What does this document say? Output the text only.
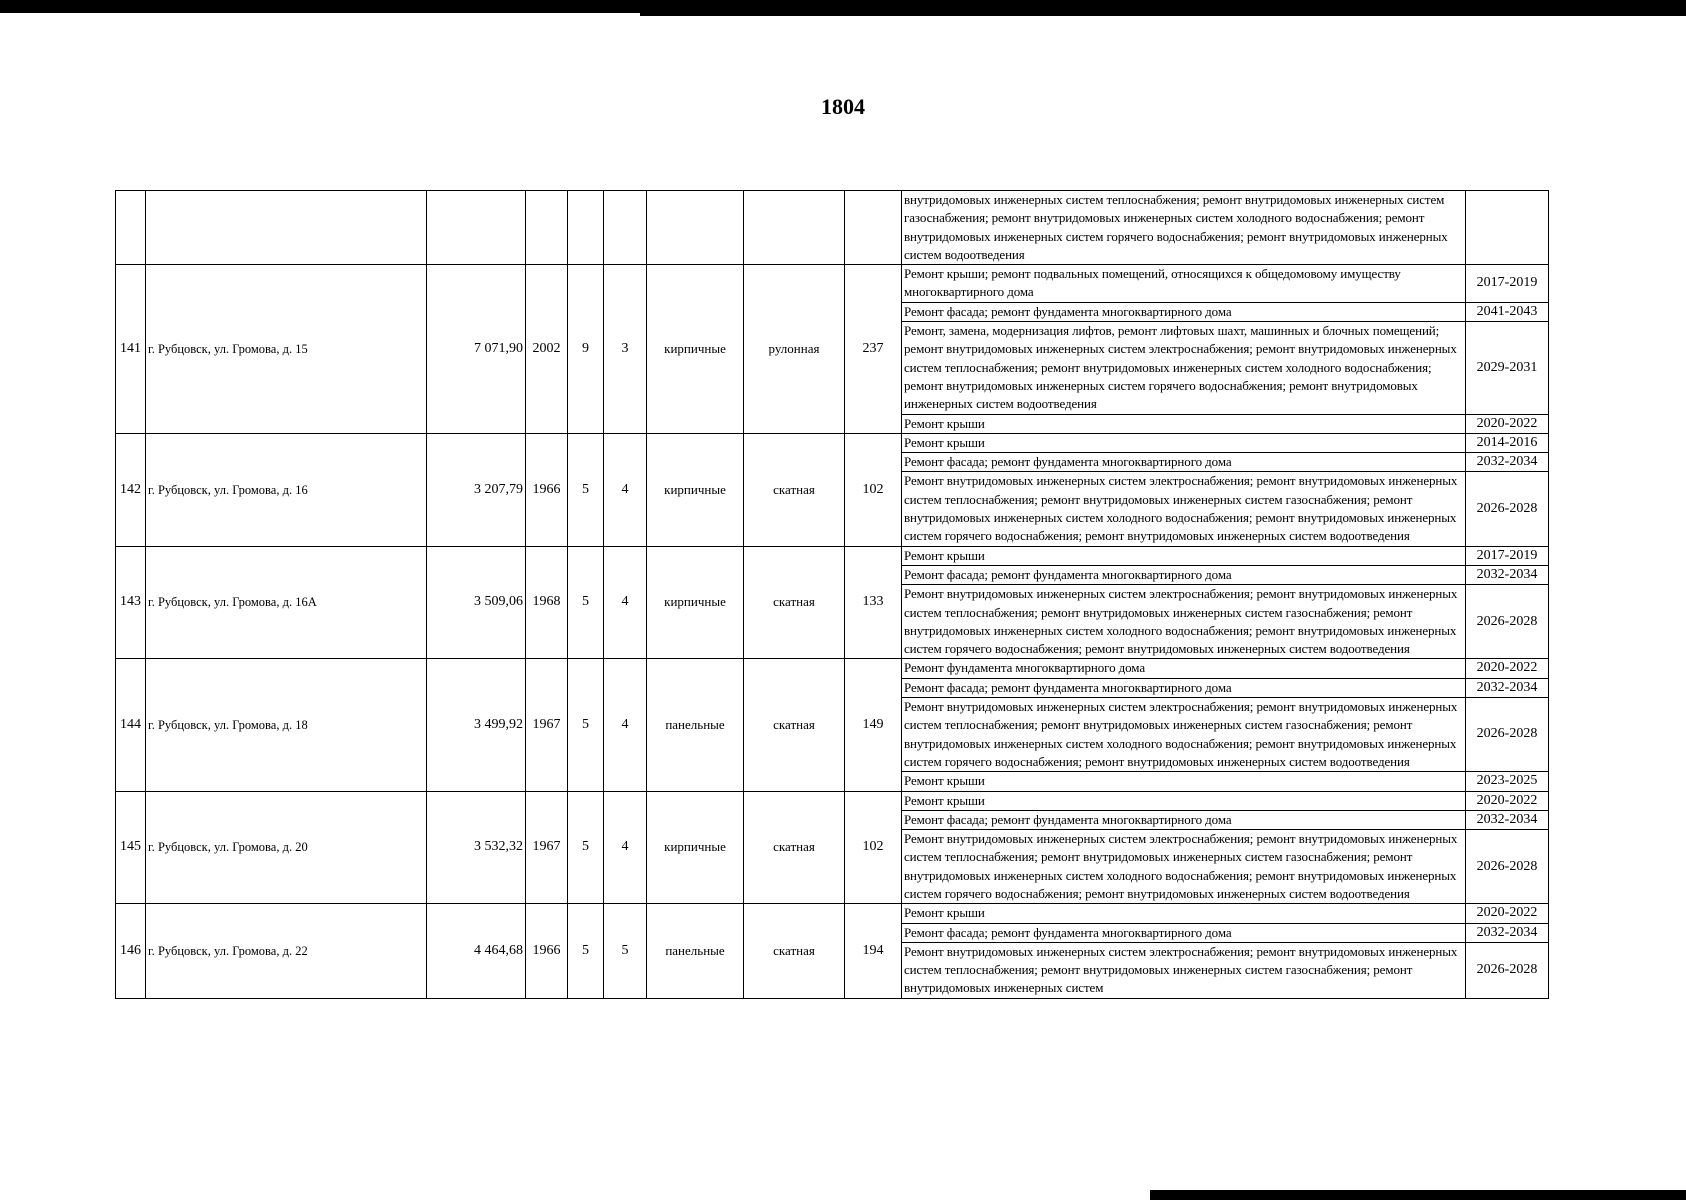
1804
									внутридомовых инженерных систем теплоснабжения; ремонт внутридомовых инженерных систем газоснабжения; ремонт внутридомовых инженерных систем холодного водоснабжения; ремонт внутридомовых инженерных систем горячего водоснабжения; ремонт внутридомовых инженерных систем водоотведения	
141	г. Рубцовск, ул. Громова, д. 15	7 071,90	2002	9	3	кирпичные	рулонная	237	Ремонт крыши; ремонт подвальных помещений, относящихся к общедомовому имуществу многоквартирного дома	2017-2019
									Ремонт фасада; ремонт фундамента многоквартирного дома	2041-2043
									Ремонт, замена, модернизация лифтов, ремонт лифтовых шахт, машинных и блочных помещений; ремонт внутридомовых инженерных систем электроснабжения; ремонт внутридомовых инженерных систем теплоснабжения; ремонт внутридомовых инженерных систем холодного водоснабжения; ремонт внутридомовых инженерных систем горячего водоснабжения; ремонт внутридомовых инженерных систем водоотведения	2029-2031
									Ремонт крыши	2020-2022
142	г. Рубцовск, ул. Громова, д. 16	3 207,79	1966	5	4	кирпичные	скатная	102	Ремонт крыши	2014-2016
									Ремонт фасада; ремонт фундамента многоквартирного дома	2032-2034
									Ремонт внутридомовых инженерных систем электроснабжения; ремонт внутридомовых инженерных систем теплоснабжения; ремонт внутридомовых инженерных систем газоснабжения; ремонт внутридомовых инженерных систем холодного водоснабжения; ремонт внутридомовых инженерных систем горячего водоснабжения; ремонт внутридомовых инженерных систем водоотведения	2026-2028
143	г. Рубцовск, ул. Громова, д. 16А	3 509,06	1968	5	4	кирпичные	скатная	133	Ремонт крыши	2017-2019
									Ремонт фасада; ремонт фундамента многоквартирного дома	2032-2034
									Ремонт внутридомовых инженерных систем электроснабжения; ремонт внутридомовых инженерных систем теплоснабжения; ремонт внутридомовых инженерных систем газоснабжения; ремонт внутридомовых инженерных систем холодного водоснабжения; ремонт внутридомовых инженерных систем горячего водоснабжения; ремонт внутридомовых инженерных систем водоотведения	2026-2028
144	г. Рубцовск, ул. Громова, д. 18	3 499,92	1967	5	4	панельные	скатная	149	Ремонт фундамента многоквартирного дома	2020-2022
									Ремонт фасада; ремонт фундамента многоквартирного дома	2032-2034
									Ремонт внутридомовых инженерных систем электроснабжения; ремонт внутридомовых инженерных систем теплоснабжения; ремонт внутридомовых инженерных систем газоснабжения; ремонт внутридомовых инженерных систем холодного водоснабжения; ремонт внутридомовых инженерных систем горячего водоснабжения; ремонт внутридомовых инженерных систем водоотведения	2026-2028
									Ремонт крыши	2023-2025
145	г. Рубцовск, ул. Громова, д. 20	3 532,32	1967	5	4	кирпичные	скатная	102	Ремонт крыши	2020-2022
									Ремонт фасада; ремонт фундамента многоквартирного дома	2032-2034
									Ремонт внутридомовых инженерных систем электроснабжения; ремонт внутридомовых инженерных систем теплоснабжения; ремонт внутридомовых инженерных систем газоснабжения; ремонт внутридомовых инженерных систем холодного водоснабжения; ремонт внутридомовых инженерных систем горячего водоснабжения; ремонт внутридомовых инженерных систем водоотведения	2026-2028
146	г. Рубцовск, ул. Громова, д. 22	4 464,68	1966	5	5	панельные	скатная	194	Ремонт крыши	2020-2022
									Ремонт фасада; ремонт фундамента многоквартирного дома	2032-2034
									Ремонт внутридомовых инженерных систем электроснабжения; ремонт внутридомовых инженерных систем теплоснабжения; ремонт внутридомовых инженерных систем газоснабжения; ремонт внутридомовых инженерных систем	2026-2028
